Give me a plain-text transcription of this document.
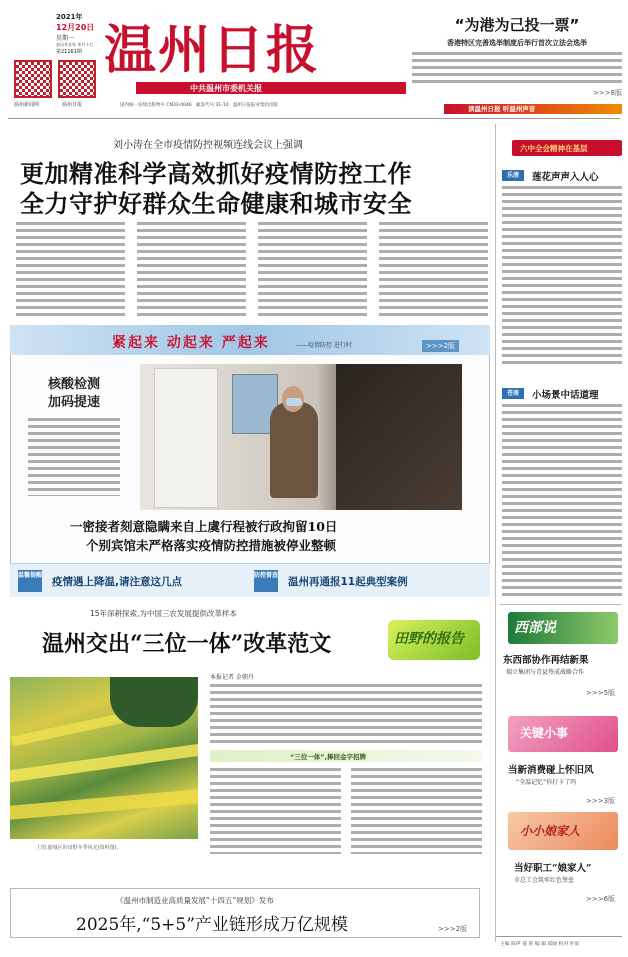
温州新闻网	温州日报
2021年
12月20日
星期一
农历辛丑年 冬月十七
第21161期 温州日报
中共温州市委机关报
国内统一连续出版物号 CN33-0046 邮发代号:31-10 温州日报报业集团出版
“为港为己投一票”
香港特区完善选举制度后举行首次立法会选举
>>>8版
读温州日报 听温州声音
刘小涛在全市疫情防控视频连线会议上强调
更加精准科学高效抓好疫情防控工作
全力守护好群众生命健康和城市安全
紧起来 动起来 严起来	——疫情防控 进行时	>>>2版
核酸检测
加码提速
一密接者刻意隐瞒来自上虞行程被行政拘留10日
个别宾馆未严格落实疫情防控措施被停业整顿
温馨提醒
疫情遇上降温,请注意这几点
防控督查
温州再通报11起典型案例
15年深耕探索,为中国三农发展提供改革样本
温州交出“三位一体”改革范文	田野的报告
上图:鹿城区的田野冬季风光(资料图)。
本报记者 金朝丹
“三位一体”,捧回金字招牌
《温州市制造业高质量发展“十四五”规划》发布
2025年,“5+5”产业链形成万亿规模	>>>2版
六中全会精神在基层
乐清	莲花声声入人心
苍南	小场景中话道理
西部说
东西部协作再结新果
瑞立集团与青县签成战略合作
>>>5版
关键小事
当新消费碰上怀旧风
“全温记忆”你打卡了吗
>>>3版
小小娘家人
当好职工“娘家人”
市总工会筑牢红色堡垒
>>>6版
主编 陈伊 值 班 编 辑 郑晓 校对 叶雨
